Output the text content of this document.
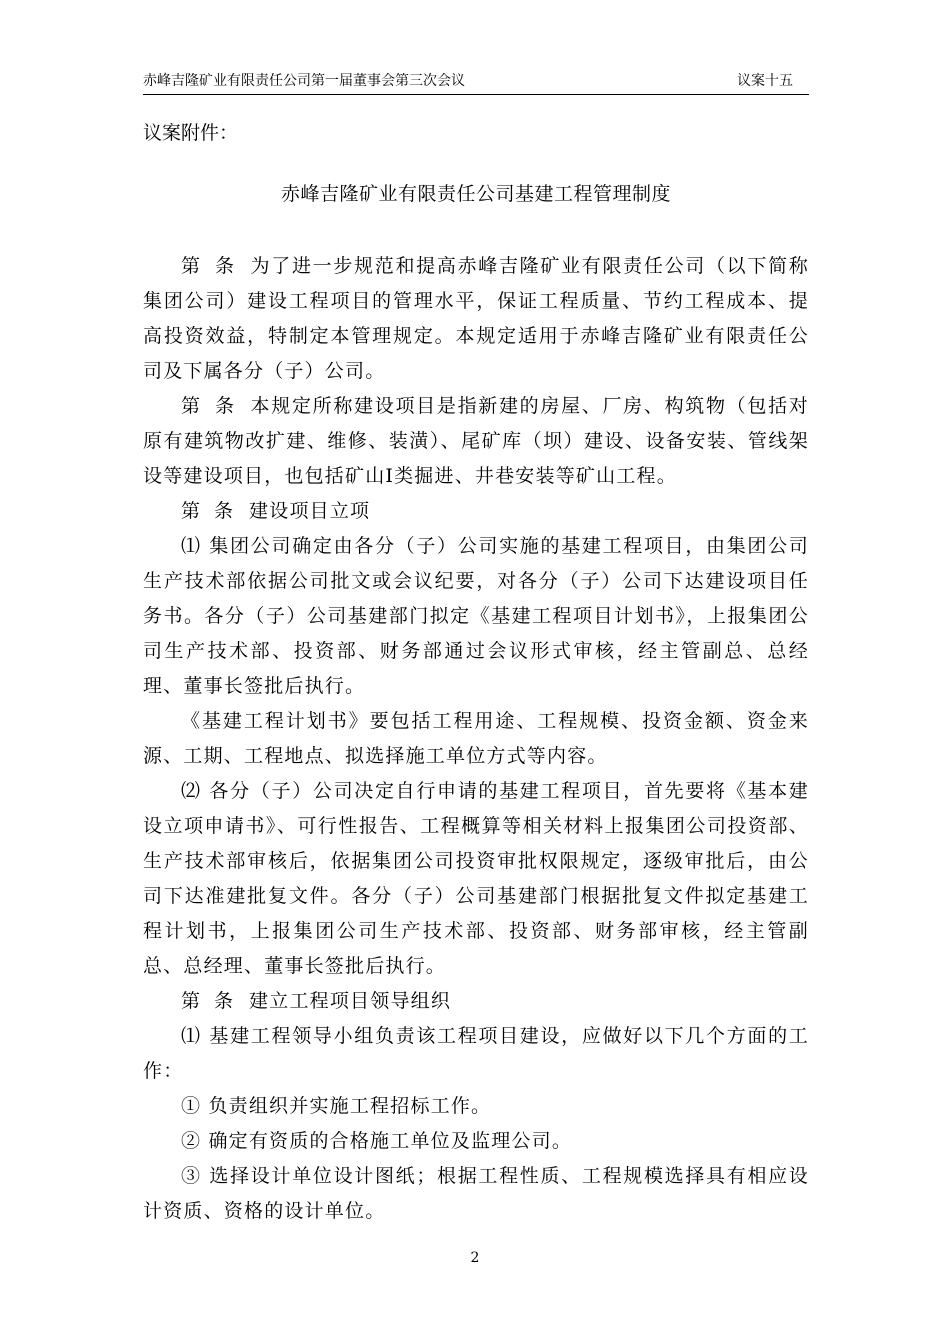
赤峰吉隆矿业有限责任公司第一届董事会第三次会议	议案十五

议案附件：

赤峰吉隆矿业有限责任公司基建工程管理制度

第 条 为了进一步规范和提高赤峰吉隆矿业有限责任公司（以下简称集团公司）建设工程项目的管理水平，保证工程质量、节约工程成本、提高投资效益，特制定本管理规定。本规定适用于赤峰吉隆矿业有限责任公司及下属各分（子）公司。

第 条 本规定所称建设项目是指新建的房屋、厂房、构筑物（包括对原有建筑物改扩建、维修、装潢）、尾矿库（坝）建设、设备安装、管线架设等建设项目，也包括矿山Ⅰ类掘进、井巷安装等矿山工程。

第 条 建设项目立项

⑴ 集团公司确定由各分（子）公司实施的基建工程项目，由集团公司生产技术部依据公司批文或会议纪要，对各分（子）公司下达建设项目任务书。各分（子）公司基建部门拟定《基建工程项目计划书》，上报集团公司生产技术部、投资部、财务部通过会议形式审核，经主管副总、总经理、董事长签批后执行。

《基建工程计划书》要包括工程用途、工程规模、投资金额、资金来源、工期、工程地点、拟选择施工单位方式等内容。

⑵ 各分（子）公司决定自行申请的基建工程项目，首先要将《基本建设立项申请书》、可行性报告、工程概算等相关材料上报集团公司投资部、生产技术部审核后，依据集团公司投资审批权限规定，逐级审批后，由公司下达准建批复文件。各分（子）公司基建部门根据批复文件拟定基建工程计划书，上报集团公司生产技术部、投资部、财务部审核，经主管副总、总经理、董事长签批后执行。

第 条 建立工程项目领导组织

⑴ 基建工程领导小组负责该工程项目建设，应做好以下几个方面的工作：

① 负责组织并实施工程招标工作。

② 确定有资质的合格施工单位及监理公司。

③ 选择设计单位设计图纸；根据工程性质、工程规模选择具有相应设计资质、资格的设计单位。

2
